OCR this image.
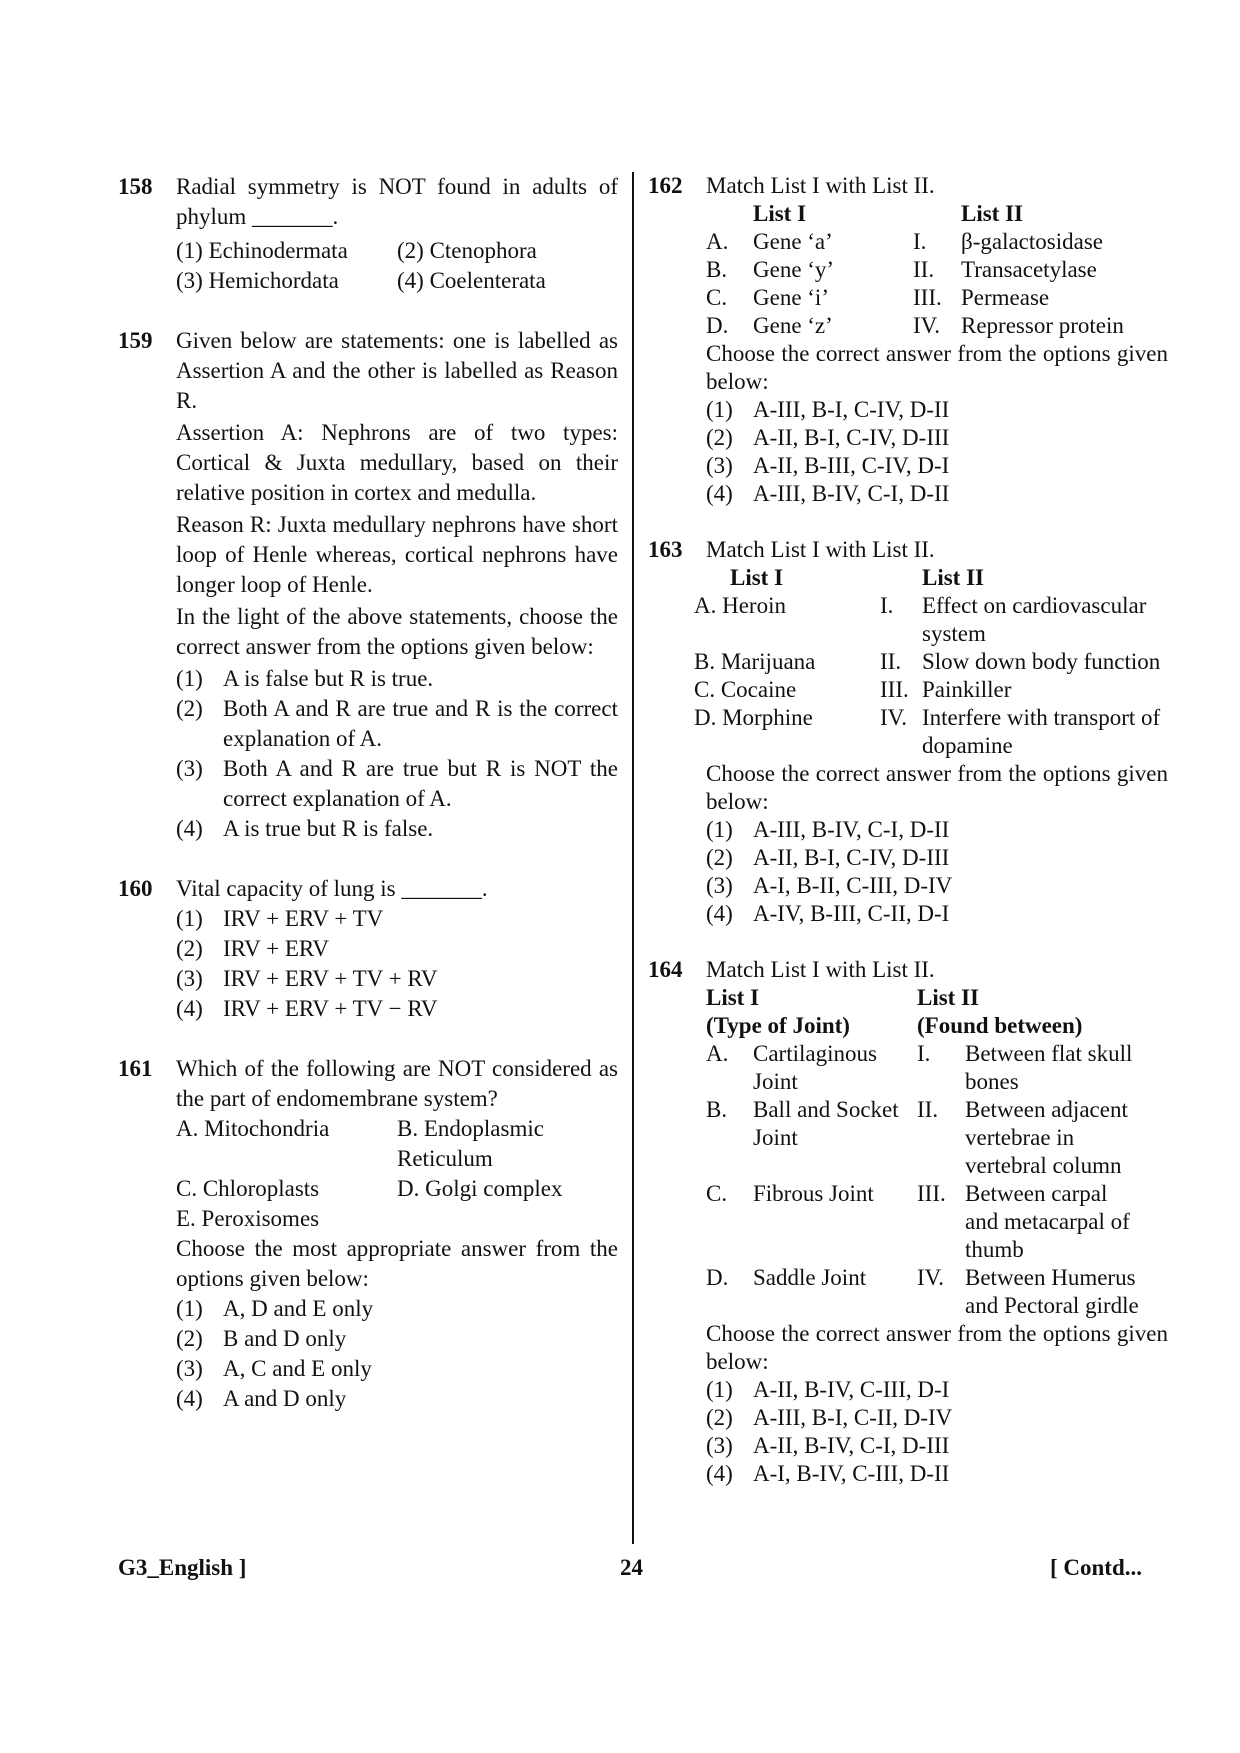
158 Radial symmetry is NOT found in adults of phylum _______.
(1) Echinodermata	(2) Ctenophora
(3) Hemichordata	(4) Coelenterata
159 Given below are statements: one is labelled as Assertion A and the other is labelled as Reason R.
Assertion A: Nephrons are of two types: Cortical & Juxta medullary, based on their relative position in cortex and medulla.
Reason R: Juxta medullary nephrons have short loop of Henle whereas, cortical nephrons have longer loop of Henle.
In the light of the above statements, choose the correct answer from the options given below:
(1) A is false but R is true.
(2) Both A and R are true and R is the correct explanation of A.
(3) Both A and R are true but R is NOT the correct explanation of A.
(4) A is true but R is false.
160 Vital capacity of lung is _______.
(1) IRV + ERV + TV
(2) IRV + ERV
(3) IRV + ERV + TV + RV
(4) IRV + ERV + TV − RV
161 Which of the following are NOT considered as the part of endomembrane system?
A. Mitochondria	B. Endoplasmic Reticulum
C. Chloroplasts	D. Golgi complex
E. Peroxisomes
Choose the most appropriate answer from the options given below:
(1) A, D and E only
(2) B and D only
(3) A, C and E only
(4) A and D only
162 Match List I with List II.
	List I		List II
A.	Gene ‘a’	I.	β-galactosidase
B.	Gene ‘y’	II.	Transacetylase
C.	Gene ‘i’	III.	Permease
D.	Gene ‘z’	IV.	Repressor protein
Choose the correct answer from the options given below:
(1) A-III, B-I, C-IV, D-II
(2) A-II, B-I, C-IV, D-III
(3) A-II, B-III, C-IV, D-I
(4) A-III, B-IV, C-I, D-II
163 Match List I with List II.
List I		List II
A. Heroin	I.	Effect on cardiovascular system
B. Marijuana	II.	Slow down body function
C. Cocaine	III.	Painkiller
D. Morphine	IV.	Interfere with transport of dopamine
Choose the correct answer from the options given below:
(1) A-III, B-IV, C-I, D-II
(2) A-II, B-I, C-IV, D-III
(3) A-I, B-II, C-III, D-IV
(4) A-IV, B-III, C-II, D-I
164 Match List I with List II.
List I		List II	
(Type of Joint)		(Found between)	
A.	Cartilaginous Joint	I.	Between flat skull bones
B.	Ball and Socket Joint	II.	Between adjacent vertebrae in vertebral column
C.	Fibrous Joint	III.	Between carpal and metacarpal of thumb
D.	Saddle Joint	IV.	Between Humerus and Pectoral girdle
Choose the correct answer from the options given below:
(1) A-II, B-IV, C-III, D-I
(2) A-III, B-I, C-II, D-IV
(3) A-II, B-IV, C-I, D-III
(4) A-I, B-IV, C-III, D-II
G3_English ]	24	[ Contd...
